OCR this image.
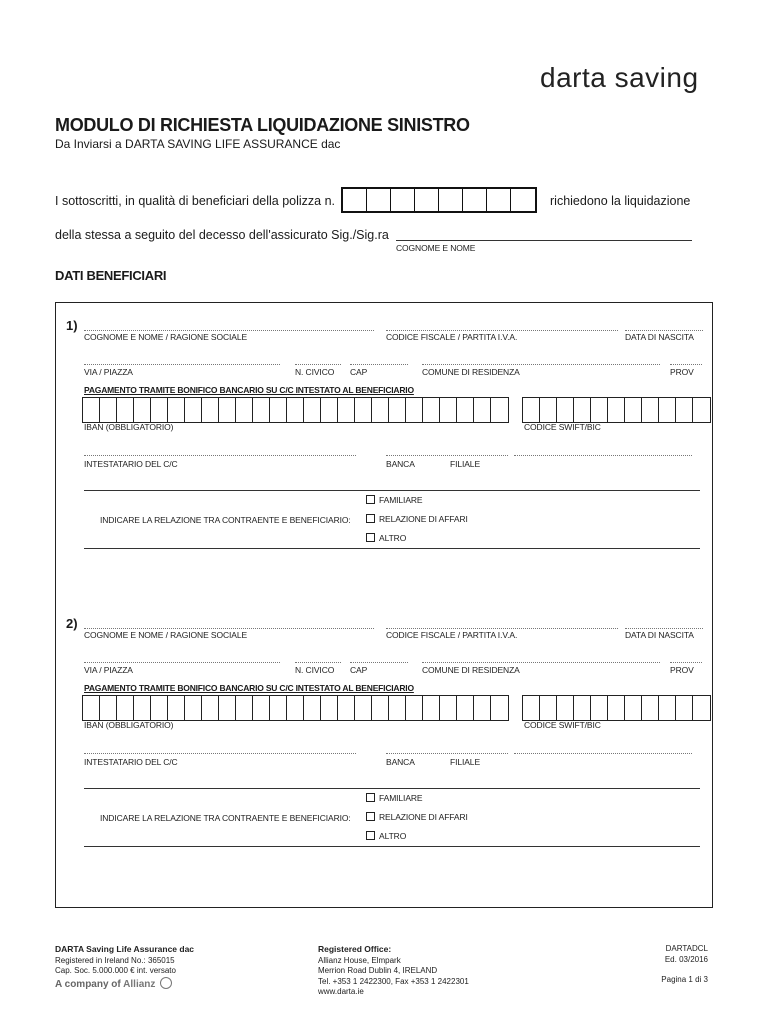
darta saving
MODULO DI RICHIESTA LIQUIDAZIONE SINISTRO
Da Inviarsi a DARTA SAVING LIFE ASSURANCE dac
I sottoscritti, in qualità di beneficiari della polizza n.	richiedono la liquidazione
della stessa a seguito del decesso dell'assicurato Sig./Sig.ra
COGNOME E NOME
DATI BENEFICIARI
1)
COGNOME E NOME / RAGIONE SOCIALE	CODICE FISCALE / PARTITA I.V.A.	DATA DI NASCITA
VIA / PIAZZA	N. CIVICO CAP	COMUNE DI RESIDENZA	PROV
PAGAMENTO TRAMITE BONIFICO BANCARIO SU C/C INTESTATO AL BENEFICIARIO
IBAN (OBBLIGATORIO)	CODICE SWIFT/BIC
INTESTATARIO DEL C/C	BANCA	FILIALE
FAMILIARE
INDICARE LA RELAZIONE TRA CONTRAENTE E BENEFICIARIO:	RELAZIONE DI AFFARI
ALTRO
2)
COGNOME E NOME / RAGIONE SOCIALE	CODICE FISCALE / PARTITA I.V.A.	DATA DI NASCITA
VIA / PIAZZA	N. CIVICO CAP	COMUNE DI RESIDENZA	PROV
PAGAMENTO TRAMITE BONIFICO BANCARIO SU C/C INTESTATO AL BENEFICIARIO
IBAN (OBBLIGATORIO)	CODICE SWIFT/BIC
INTESTATARIO DEL C/C	BANCA	FILIALE
FAMILIARE
INDICARE LA RELAZIONE TRA CONTRAENTE E BENEFICIARIO:	RELAZIONE DI AFFARI
ALTRO
DARTA Saving Life Assurance dac
Registered in Ireland No.: 365015
Cap. Soc. 5.000.000 € int. versato
A company of Allianz
Registered Office:
Allianz House, Elmpark
Merrion Road Dublin 4, IRELAND
Tel. +353 1 2422300, Fax +353 1 2422301
www.darta.ie
DARTADCL
Ed. 03/2016
Pagina 1 di 3
